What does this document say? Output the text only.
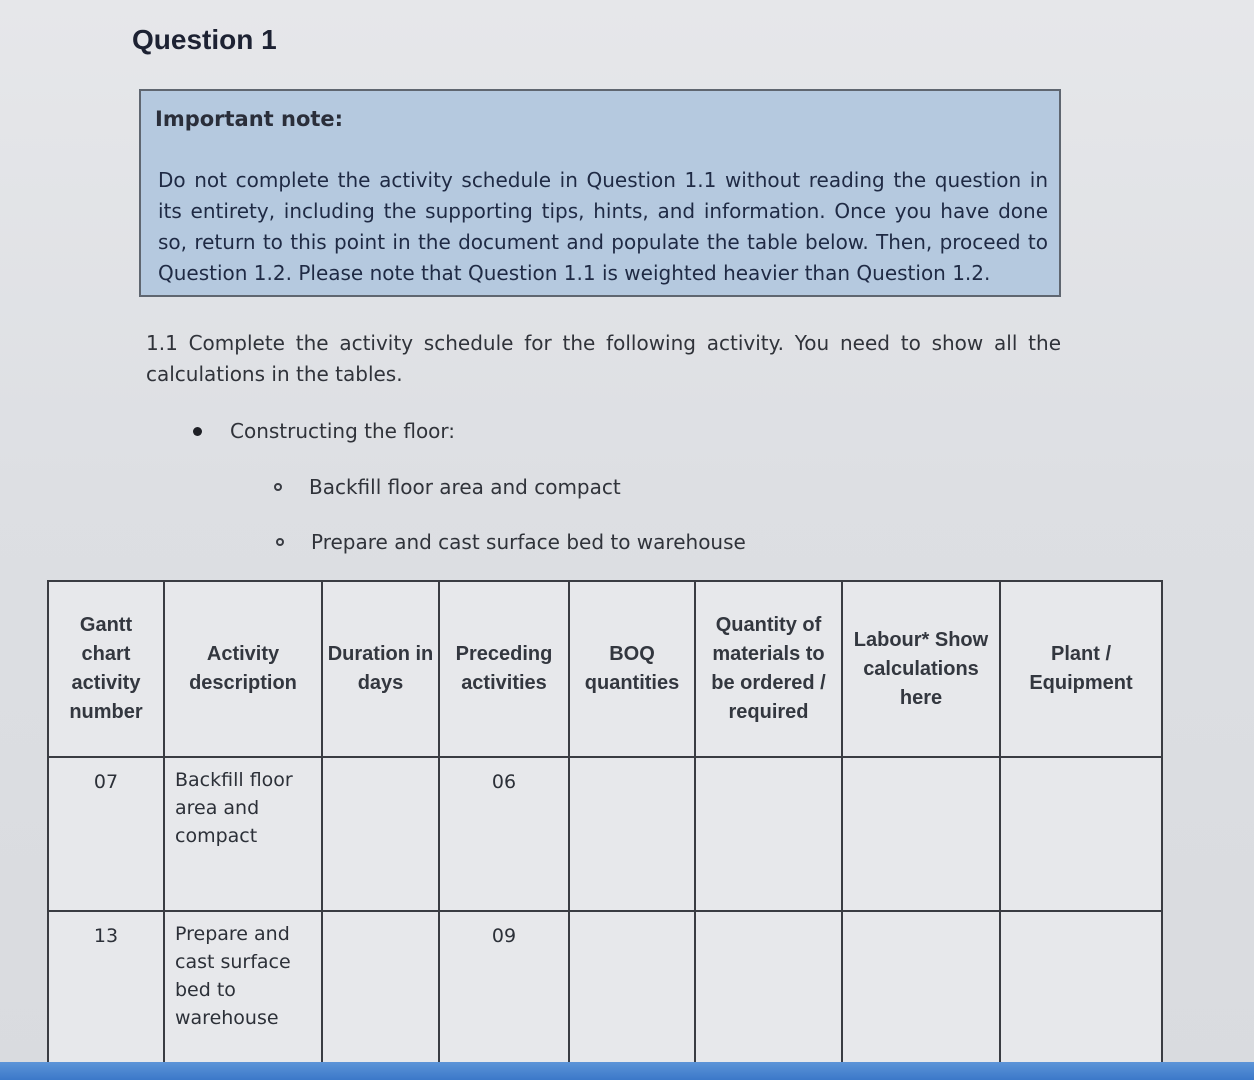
Question 1
Important note:
Do not complete the activity schedule in Question 1.1 without reading the question in its entirety, including the supporting tips, hints, and information. Once you have done so, return to this point in the document and populate the table below. Then, proceed to Question 1.2. Please note that Question 1.1 is weighted heavier than Question 1.2.
1.1 Complete the activity schedule for the following activity. You need to show all the calculations in the tables.
Constructing the floor:
Backfill floor area and compact
Prepare and cast surface bed to warehouse
Gantt chart activity number	Activity description	Duration in days	Preceding activities	BOQ quantities	Quantity of materials to be ordered / required	Labour* Show calculations here	Plant / Equipment
07	Backfill floor area and compact		06				
13	Prepare and cast surface bed to warehouse		09				
